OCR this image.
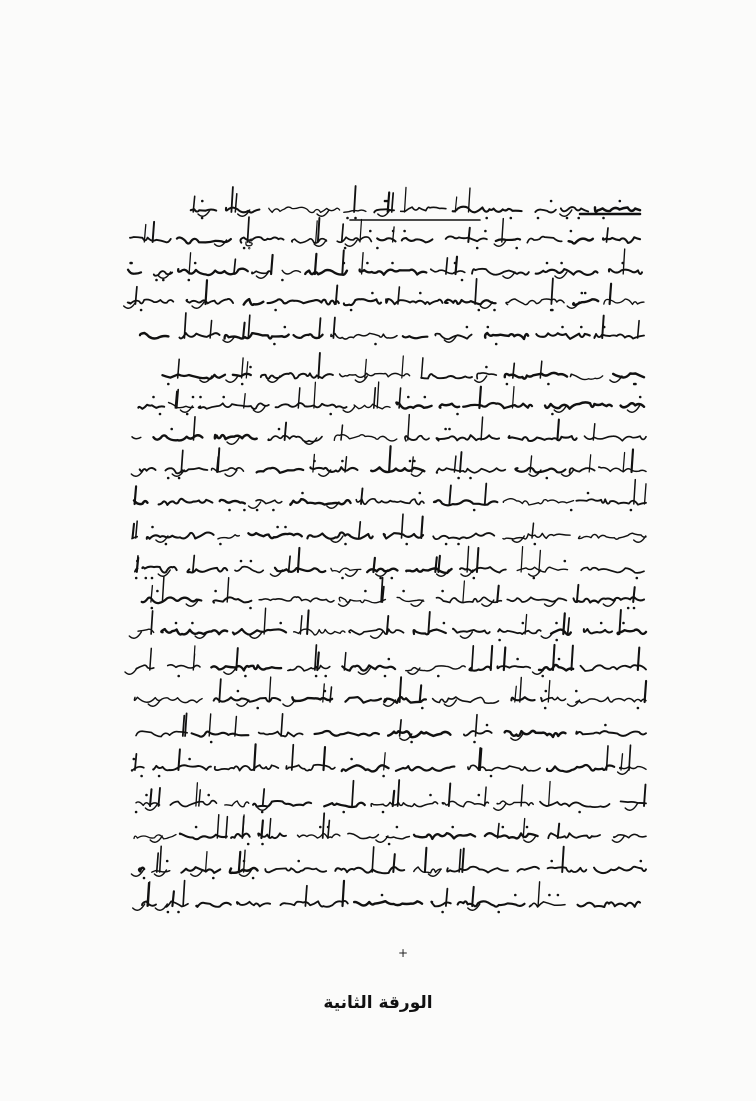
+
ؠ
الورقة الثانية
